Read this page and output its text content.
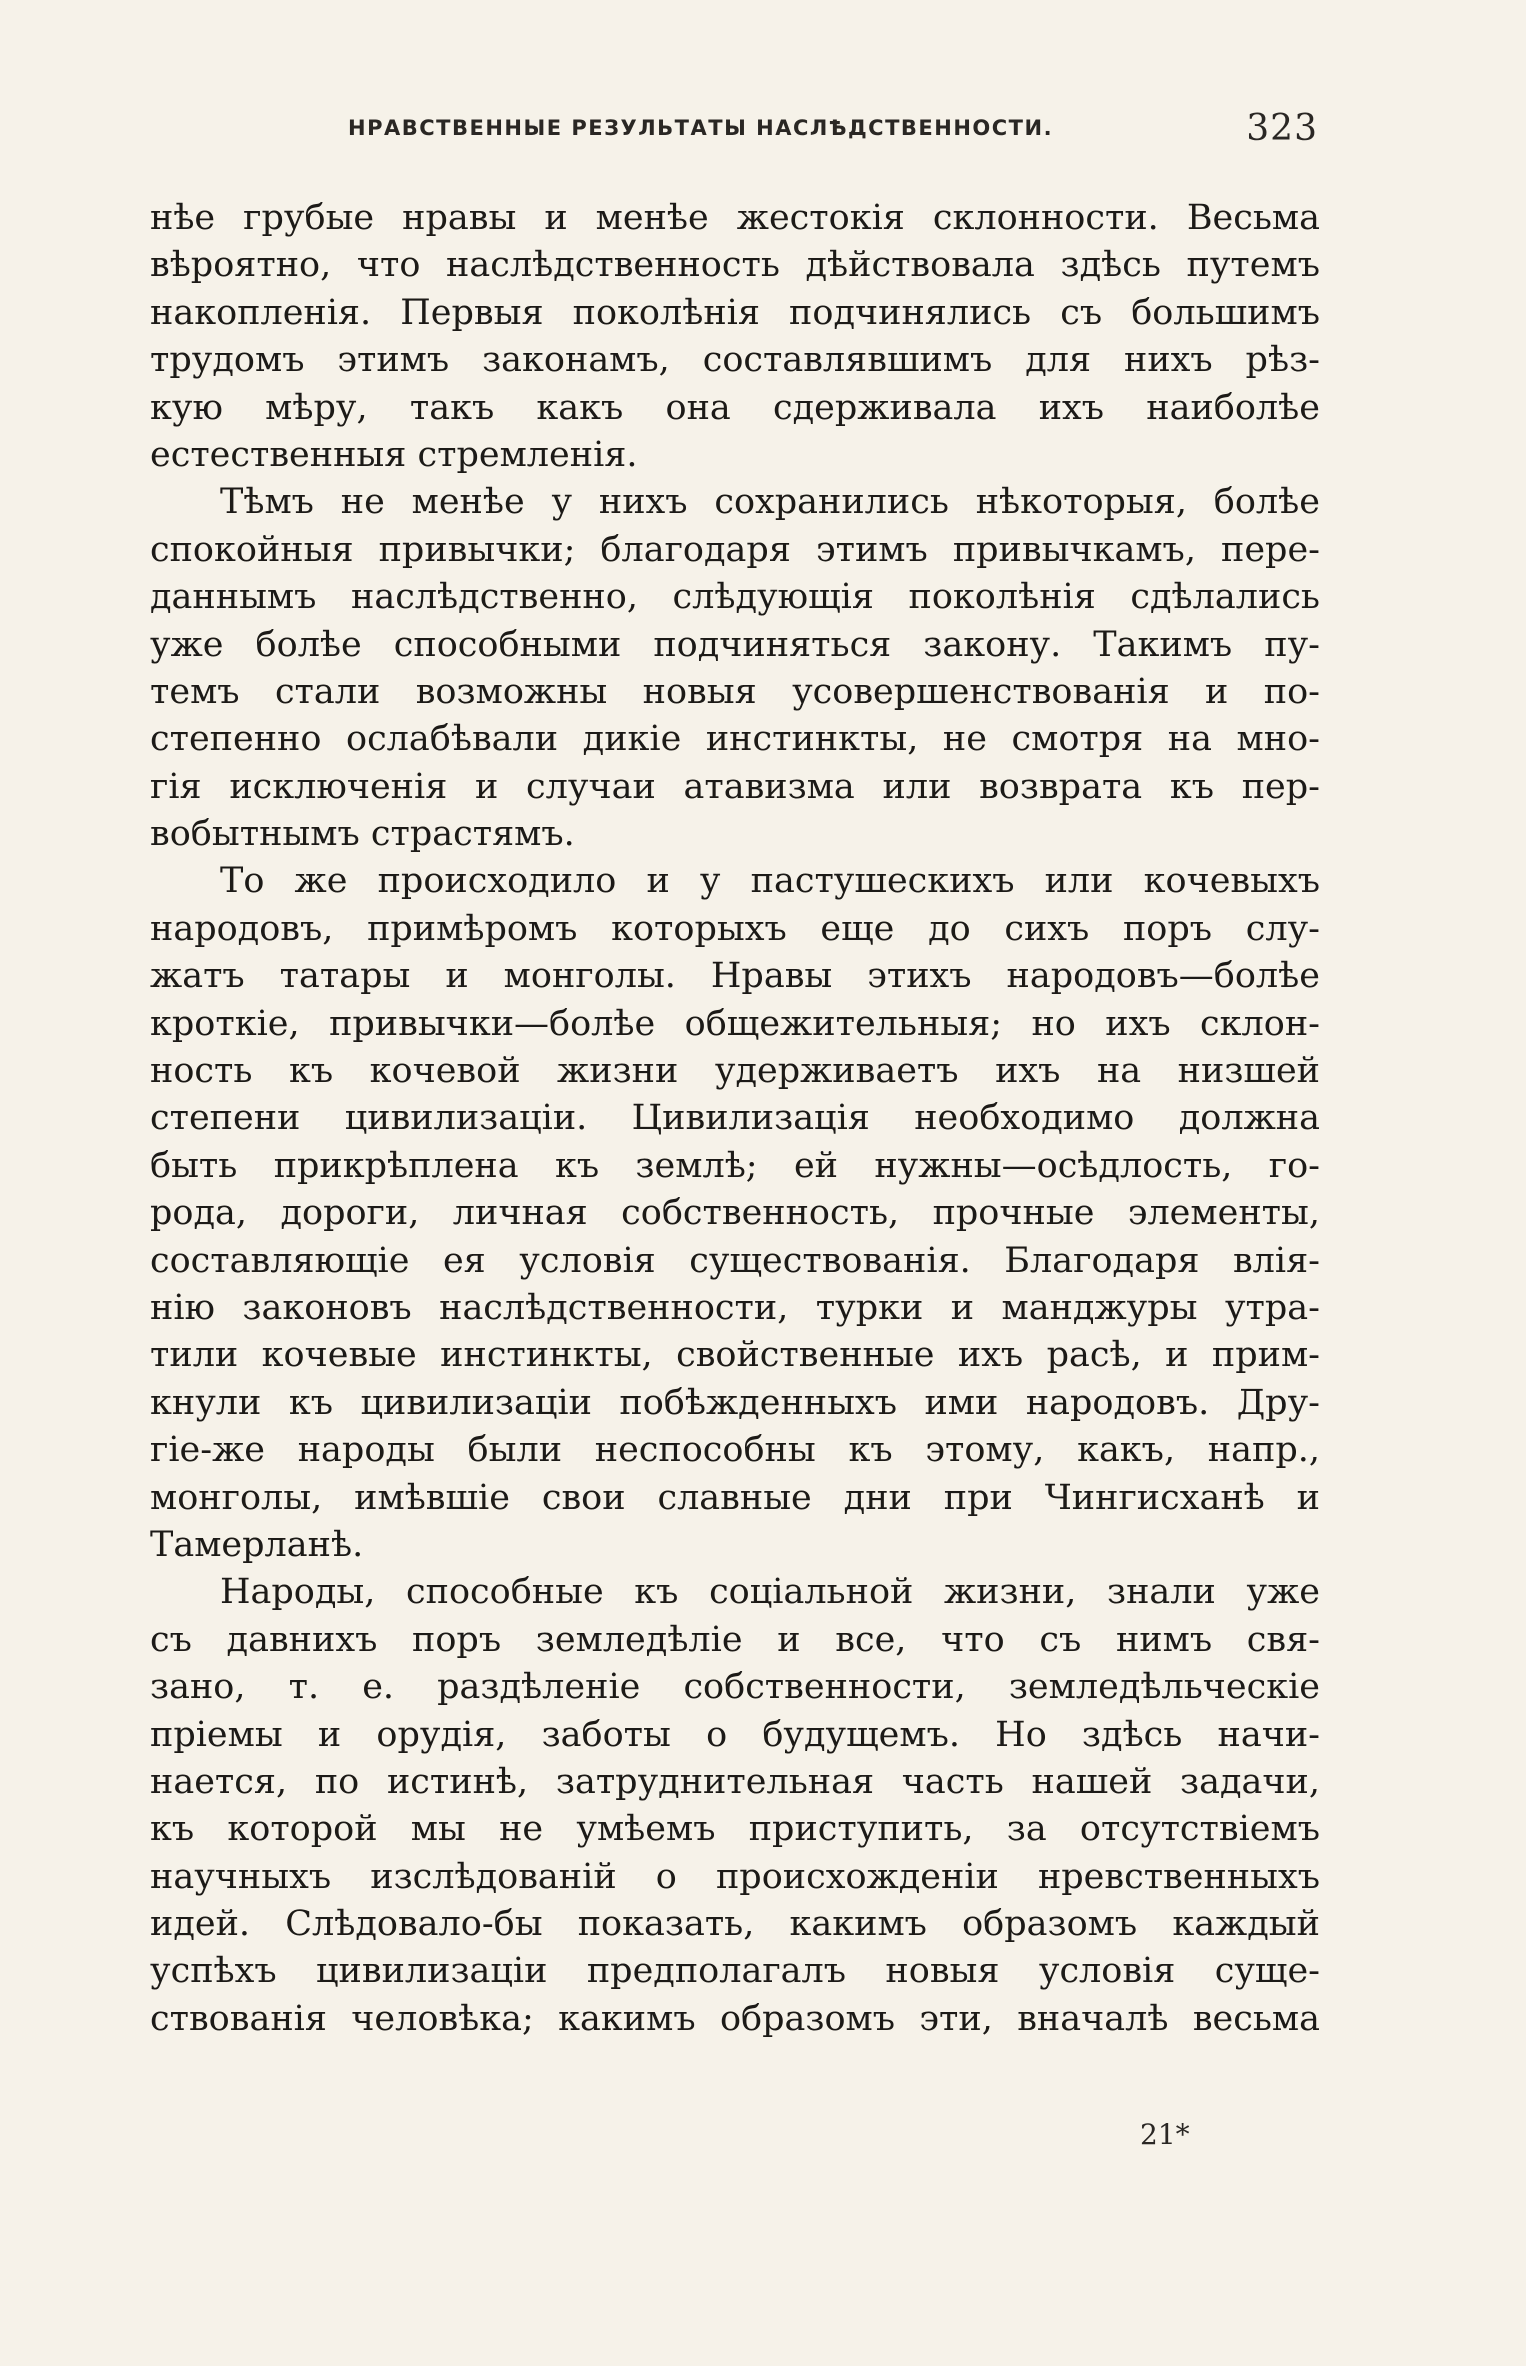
НРАВСТВЕННЫЕ РЕЗУЛЬТАТЫ НАСЛѢДСТВЕННОСТИ.	323
нѣе грубые нравы и менѣе жестокія склонности. Весьма
вѣроятно, что наслѣдственность дѣйствовала здѣсь путемъ
накопленія. Первыя поколѣнія подчинялись съ большимъ
трудомъ этимъ законамъ, составлявшимъ для нихъ рѣз-
кую мѣру, такъ какъ она сдерживала ихъ наиболѣе
естественныя стремленія.
Тѣмъ не менѣе у нихъ сохранились нѣкоторыя, болѣе
спокойныя привычки; благодаря этимъ привычкамъ, пере-
даннымъ наслѣдственно, слѣдующія поколѣнія сдѣлались
уже болѣе способными подчиняться закону. Такимъ пу-
темъ стали возможны новыя усовершенствованія и по-
степенно ослабѣвали дикіе инстинкты, не смотря на мно-
гія исключенія и случаи атавизма или возврата къ пер-
вобытнымъ страстямъ.
То же происходило и у пастушескихъ или кочевыхъ
народовъ, примѣромъ которыхъ еще до сихъ поръ слу-
жатъ татары и монголы. Нравы этихъ народовъ—болѣе
кроткіе, привычки—болѣе общежительныя; но ихъ склон-
ность къ кочевой жизни удерживаетъ ихъ на низшей
степени цивилизаціи. Цивилизація необходимо должна
быть прикрѣплена къ землѣ; ей нужны—осѣдлость, го-
рода, дороги, личная собственность, прочные элементы,
составляющіе ея условія существованія. Благодаря влія-
нію законовъ наслѣдственности, турки и манджуры утра-
тили кочевые инстинкты, свойственные ихъ расѣ, и прим-
кнули къ цивилизаціи побѣжденныхъ ими народовъ. Дру-
гіе-же народы были неспособны къ этому, какъ, напр.,
монголы, имѣвшіе свои славные дни при Чингисханѣ и
Тамерланѣ.
Народы, способные къ соціальной жизни, знали уже
съ давнихъ поръ земледѣліе и все, что съ нимъ свя-
зано, т. е. раздѣленіе собственности, земледѣльческіе
пріемы и орудія, заботы о будущемъ. Но здѣсь начи-
нается, по истинѣ, затруднительная часть нашей задачи,
къ которой мы не умѣемъ приступить, за отсутствіемъ
научныхъ изслѣдованій о происхожденіи нревственныхъ
идей. Слѣдовало-бы показать, какимъ образомъ каждый
успѣхъ цивилизаціи предполагалъ новыя условія суще-
ствованія человѣка; какимъ образомъ эти, вначалѣ весьма
21*
